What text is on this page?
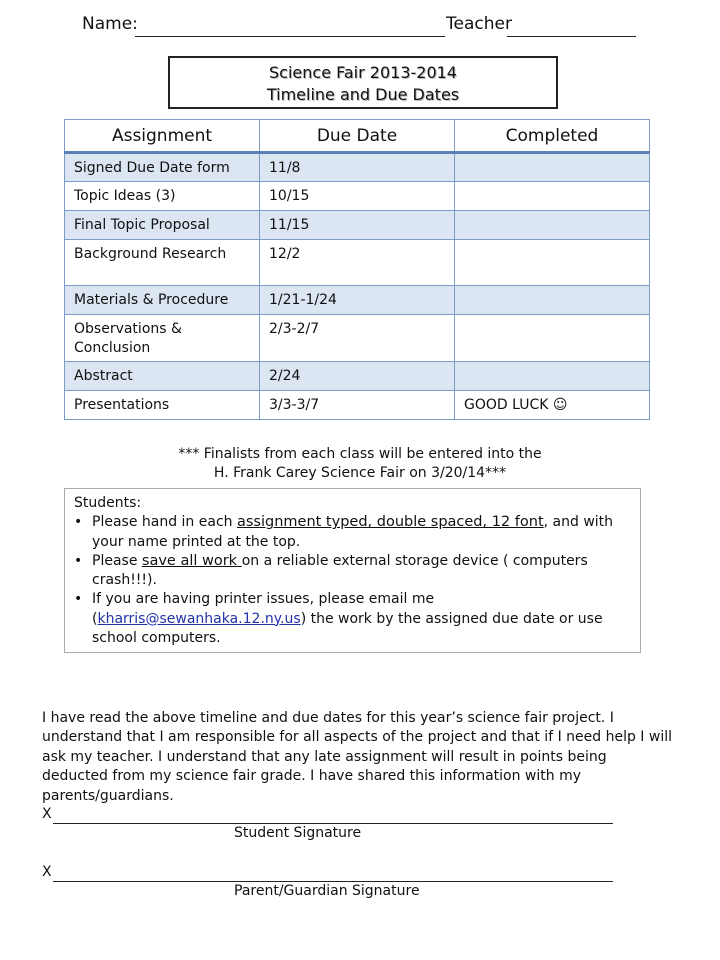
Name:	Teacher
Science Fair 2013-2014
Timeline and Due Dates
Assignment	Due Date	Completed
Signed Due Date form	11/8	
Topic Ideas (3)	10/15	
Final Topic Proposal	11/15	
Background Research	12/2	
Materials & Procedure	1/21-1/24	
Observations & Conclusion	2/3-2/7	
Abstract	2/24	
Presentations	3/3-3/7	GOOD LUCK ☺
*** Finalists from each class will be entered into the
H. Frank Carey Science Fair on 3/20/14***
Students:
• Please hand in each assignment typed, double spaced, 12 font, and with your name printed at the top.
• Please save all work on a reliable external storage device ( computers crash!!!).
• If you are having printer issues, please email me (kharris@sewanhaka.12.ny.us) the work by the assigned due date or use school computers.
I have read the above timeline and due dates for this year’s science fair project. I understand that I am responsible for all aspects of the project and that if I need help I will ask my teacher. I understand that any late assignment will result in points being deducted from my science fair grade. I have shared this information with my parents/guardians.
X
Student Signature
X
Parent/Guardian Signature
